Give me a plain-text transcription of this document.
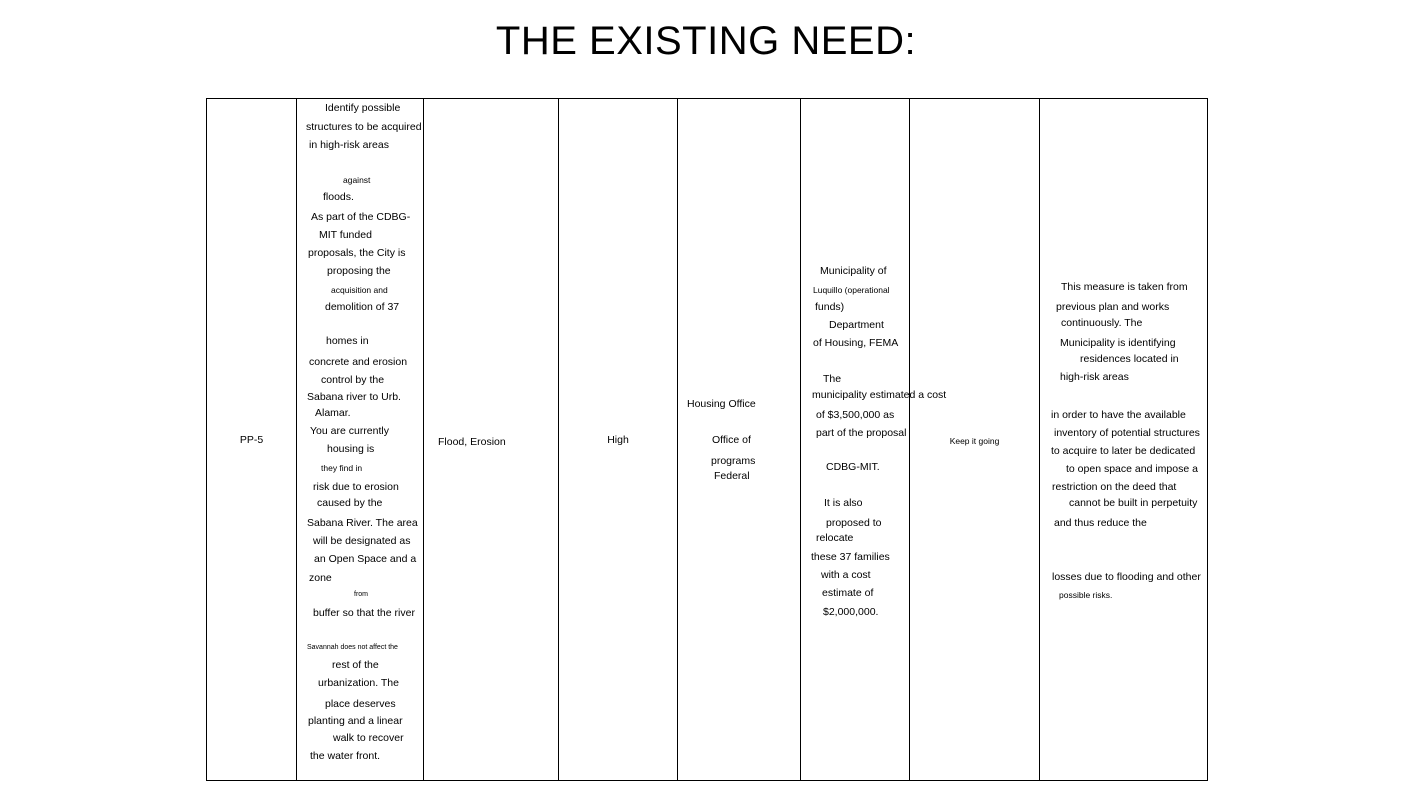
THE EXISTING NEED:
PP-5
Identify possible
structures to be acquired
in high-risk areas
against
floods.
As part of the CDBG-
MIT funded
proposals, the City is
proposing the
acquisition and
demolition of 37
homes in
concrete and erosion
control by the
Sabana river to Urb.
Alamar.
You are currently
housing is
they find in
risk due to erosion
caused by the
Sabana River. The area
will be designated as
an Open Space and a
zone
from
buffer so that the river
Savannah does not affect the
rest of the
urbanization. The
place deserves
planting and a linear
walk to recover
the water front.
Flood, Erosion	High
Housing Office
Office of
programs
Federal
Municipality of
Luquillo (operational
funds)
Department
of Housing, FEMA
The
municipality estimated a cost
of $3,500,000 as
part of the proposal
CDBG-MIT.
It is also
proposed to
relocate
these 37 families
with a cost
estimate of
$2,000,000.
Keep it going
This measure is taken from
previous plan and works
continuously. The
Municipality is identifying
residences located in
high-risk areas
in order to have the available
inventory of potential structures
to acquire to later be dedicated
to open space and impose a
restriction on the deed that
cannot be built in perpetuity
and thus reduce the
losses due to flooding and other
possible risks.
